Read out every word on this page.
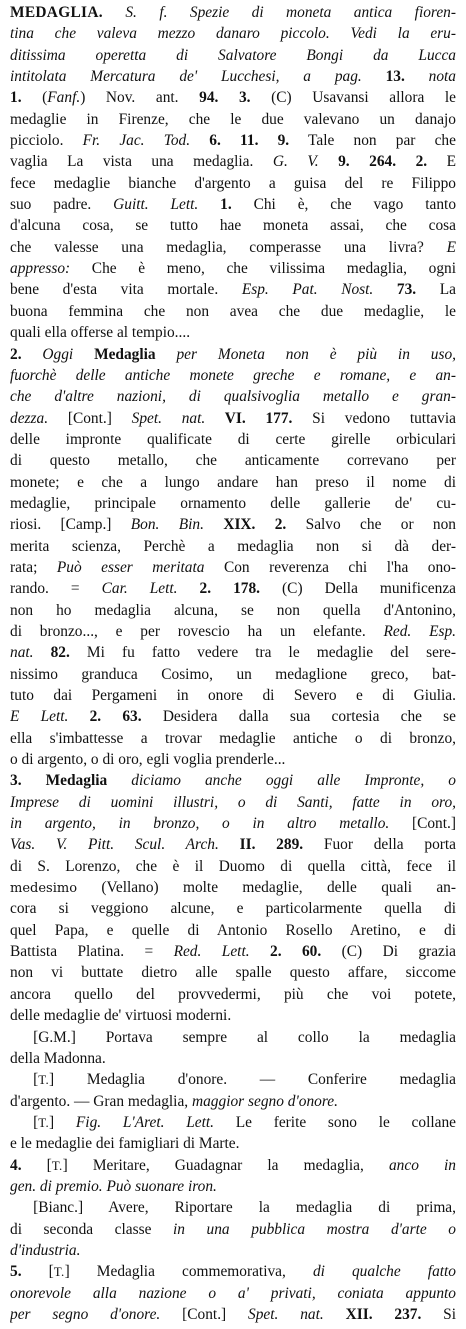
MEDAGLIA. S. f. Spezie di moneta antica fioren-
tina che valeva mezzo danaro piccolo. Vedi la eru-
ditissima operetta di Salvatore Bongi da Lucca
intitolata Mercatura de' Lucchesi, a pag. 13. nota
1. (Fanf.) Nov. ant. 94. 3. (C) Usavansi allora le
medaglie in Firenze, che le due valevano un danajo
picciolo. Fr. Jac. Tod. 6. 11. 9. Tale non par che
vaglia La vista una medaglia. G. V. 9. 264. 2. E
fece medaglie bianche d'argento a guisa del re Filippo
suo padre. Guitt. Lett. 1. Chi è, che vago tanto
d'alcuna cosa, se tutto hae moneta assai, che cosa
che valesse una medaglia, comperasse una livra? E
appresso: Che è meno, che vilissima medaglia, ogni
bene d'esta vita mortale. Esp. Pat. Nost. 73. La
buona femmina che non avea che due medaglie, le
quali ella offerse al tempio....
2. Oggi Medaglia per Moneta non è più in uso,
fuorchè delle antiche monete greche e romane, e an-
che d'altre nazioni, di qualsivoglia metallo e gran-
dezza. [Cont.] Spet. nat. VI. 177. Si vedono tuttavia
delle impronte qualificate di certe girelle orbiculari
di questo metallo, che anticamente correvano per
monete; e che a lungo andare han preso il nome di
medaglie, principale ornamento delle gallerie de' cu-
riosi. [Camp.] Bon. Bin. XIX. 2. Salvo che or non
merita scienza, Perchè a medaglia non si dà der-
rata; Può esser meritata Con reverenza chi l'ha ono-
rando. = Car. Lett. 2. 178. (C) Della munificenza
non ho medaglia alcuna, se non quella d'Antonino,
di bronzo..., e per rovescio ha un elefante. Red. Esp.
nat. 82. Mi fu fatto vedere tra le medaglie del sere-
nissimo granduca Cosimo, un medaglione greco, bat-
tuto dai Pergameni in onore di Severo e di Giulia.
E Lett. 2. 63. Desidera dalla sua cortesia che se
ella s'imbattesse a trovar medaglie antiche o di bronzo,
o di argento, o di oro, egli voglia prenderle...
3. Medaglia diciamo anche oggi alle Impronte, o
Imprese di uomini illustri, o di Santi, fatte in oro,
in argento, in bronzo, o in altro metallo. [Cont.]
Vas. V. Pitt. Scul. Arch. II. 289. Fuor della porta
di S. Lorenzo, che è il Duomo di quella città, fece il
medesimo (Vellano) molte medaglie, delle quali an-
cora si veggiono alcune, e particolarmente quella di
quel Papa, e quelle di Antonio Rosello Aretino, e di
Battista Platina. = Red. Lett. 2. 60. (C) Di grazia
non vi buttate dietro alle spalle questo affare, siccome
ancora quello del provvedermi, più che voi potete,
delle medaglie de' virtuosi moderni.
  [G.M.] Portava sempre al collo la medaglia
della Madonna.
  [T.] Medaglia d'onore. — Conferire medaglia
d'argento. — Gran medaglia, maggior segno d'onore.
  [T.] Fig. L'Aret. Lett. Le ferite sono le collane
e le medaglie dei famigliari di Marte.
4. [T.] Meritare, Guadagnar la medaglia, anco in
gen. di premio. Può suonare iron.
  [Bianc.] Avere, Riportare la medaglia di prima,
di seconda classe in una pubblica mostra d'arte o
d'industria.
5. [T.] Medaglia commemorativa, di qualche fatto
onorevole alla nazione o a' privati, coniata appunto
per segno d'onore. [Cont.] Spet. nat. XII. 237. Si
